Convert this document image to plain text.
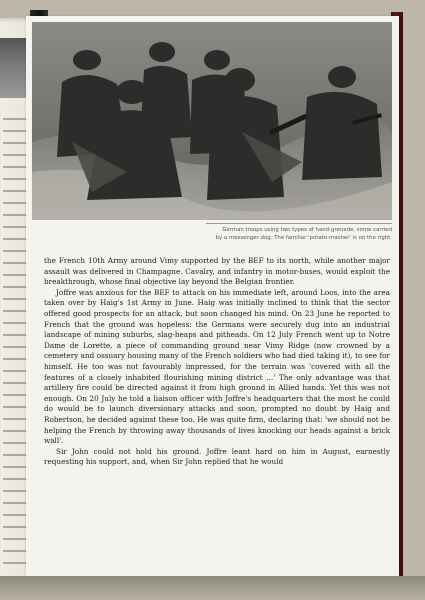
German troops using two types of hand-grenade, some carried
by a messenger dog. The familiar 'potato-masher' is on the right.

the French 10th Army around Vimy supported by the BEF to its north, while another major assault was delivered in Champagne. Cavalry, and infantry in motor-buses, would exploit the breakthrough, whose final objective lay beyond the Belgian frontier.

Joffre was anxious for the BEF to attack on his immediate left, around Loos, into the area taken over by Haig's 1st Army in June. Haig was initially inclined to think that the sector offered good prospects for an attack, but soon changed his mind. On 23 June he reported to French that the ground was hopeless: the Germans were securely dug into an industrial landscape of mining suburbs, slag-heaps and pitheads. On 12 July French went up to Notre Dame de Lorette, a piece of commanding ground near Vimy Ridge (now crowned by a cemetery and ossuary housing many of the French soldiers who had died taking it), to see for himself. He too was not favourably impressed, for the terrain was 'covered with all the features of a closely inhabited flourishing mining district ...' The only advantage was that artillery fire could be directed against it from high ground in Allied hands. Yet this was not enough. On 20 July he told a liaison officer with Joffre's headquarters that the most he could do would be to launch diversionary attacks and soon, prompted no doubt by Haig and Robertson, he decided against these too. He was quite firm, declaring that: 'we should not be helping the French by throwing away thousands of lives knocking our heads against a brick wall'.

Sir John could not hold his ground. Joffre leant hard on him in August, earnestly requesting his support, and, when Sir John replied that he would
